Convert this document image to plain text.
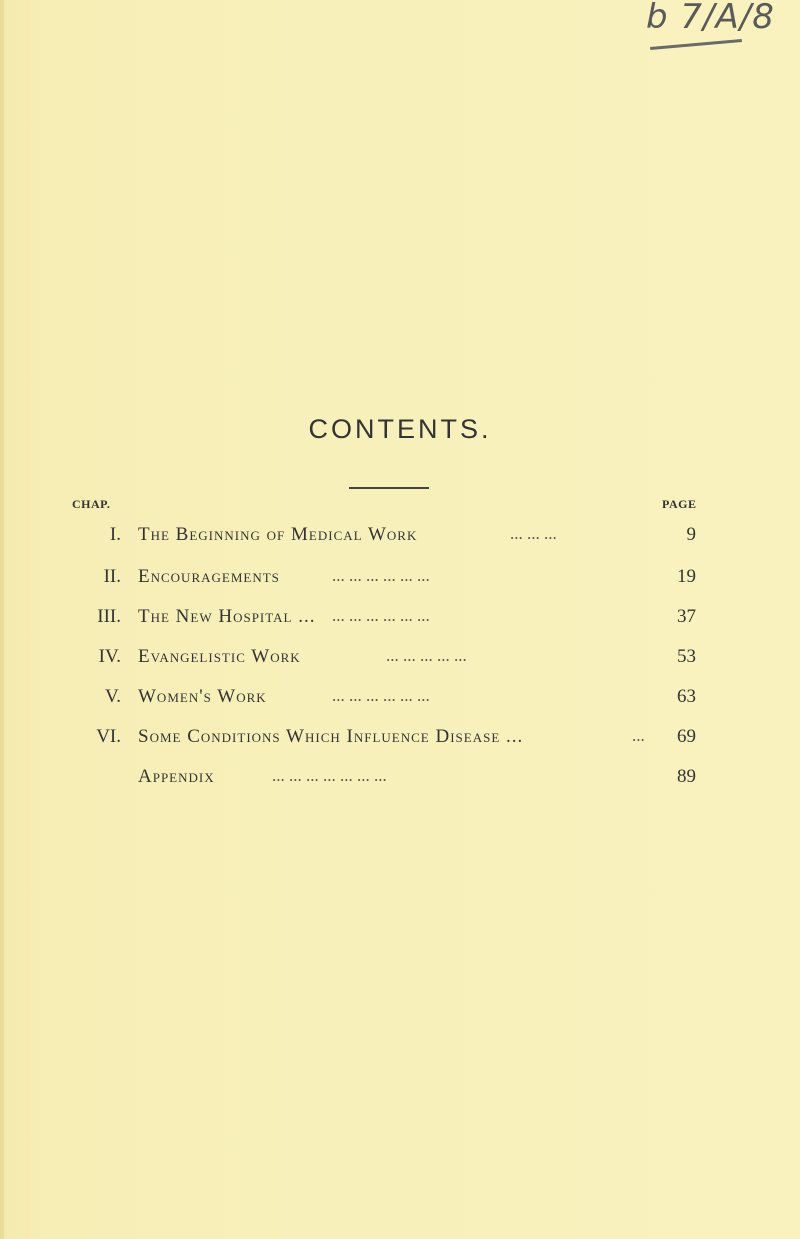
b 7/A/8
CONTENTS.
CHAP.	PAGE
I. The Beginning of Medical Work	... ... ...	9
II. Encouragements	... ... ... ... ... ...	19
III. The New Hospital ... ... ... ... ... ... ...	37
IV. Evangelistic Work	... ... ... ... ...	53
V. Women's Work	... ... ... ... ... ...	63
VI. Some Conditions Which Influence Disease ...	... 69
Appendix	... ... ... ... ... ... ...	89
